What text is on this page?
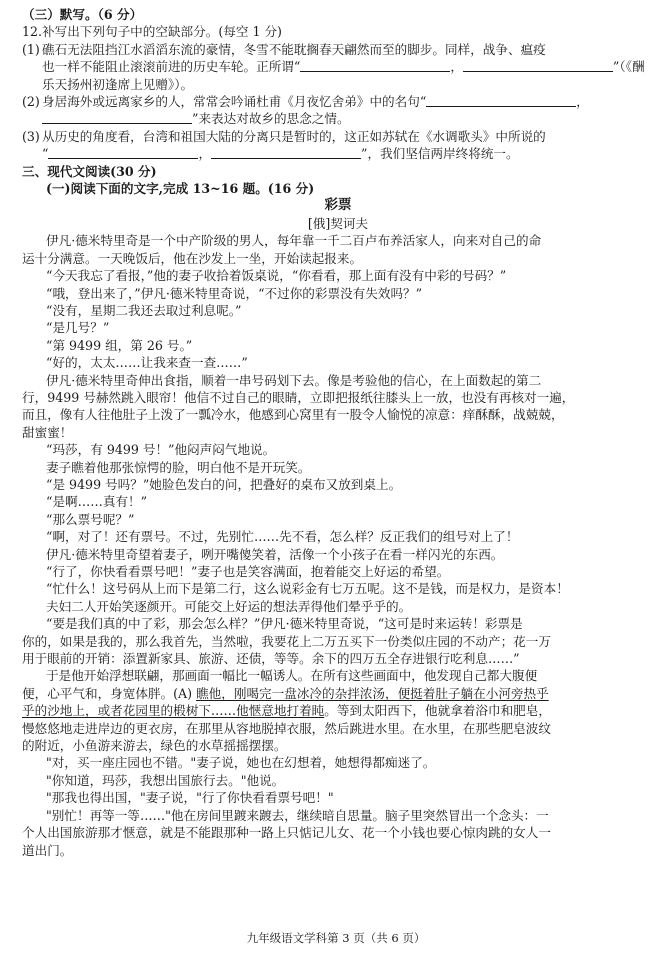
（三）默写。（6 分）
12.补写出下列句子中的空缺部分。(每空 1 分)
(1) 礁石无法阻挡江水滔滔东流的豪情，冬雪不能耽搁春天翩然而至的脚步。同样，战争、瘟疫
也一样不能阻止滚滚前进的历史车轮。正所谓“	，	”（《酬
乐天扬州初逢席上见赠》）。
(2) 身居海外或远离家乡的人，常常会吟诵杜甫《月夜忆舍弟》中的名句“	，
”来表达对故乡的思念之情。
(3) 从历史的角度看，台湾和祖国大陆的分离只是暂时的，这正如苏轼在《水调歌头》中所说的
“	，	”，我们坚信两岸终将统一。
三、现代文阅读(30 分)
(一)阅读下面的文字,完成 13~16 题。(16 分)
彩票
[俄]契诃夫
伊凡·德米特里奇是一个中产阶级的男人，每年靠一千二百卢布养活家人，向来对自己的命
运十分满意。一天晚饭后，他在沙发上一坐，开始读起报来。
“今天我忘了看报，”他的妻子收拾着饭桌说，“你看看，那上面有没有中彩的号码？”
“哦，登出来了，”伊凡·德米特里奇说，“不过你的彩票没有失效吗？”
“没有，星期二我还去取过利息呢。”
“是几号？”
“第 9499 组，第 26 号。”
“好的，太太……让我来查一查……”
伊凡·德米特里奇伸出食指，顺着一串号码划下去。像是考验他的信心，在上面数起的第二
行，9499 号赫然跳入眼帘！他信不过自己的眼睛，立即把报纸往膝头上一放，也没有再核对一遍，
而且，像有人往他肚子上泼了一瓢冷水，他感到心窝里有一股令人愉悦的凉意：痒酥酥，战兢兢，
甜蜜蜜！
“玛莎，有 9499 号！”他闷声闷气地说。
妻子瞧着他那张惊愕的脸，明白他不是开玩笑。
“是 9499 号吗？”她脸色发白的问，把叠好的桌布又放到桌上。
“是啊……真有！”
“那么票号呢？”
“啊，对了！还有票号。不过，先别忙……先不看，怎么样？反正我们的组号对上了！
伊凡·德米特里奇望着妻子，咧开嘴傻笑着，活像一个小孩子在看一样闪光的东西。
“行了，你快看看票号吧！”妻子也是笑容满面，抱着能交上好运的希望。
“忙什么！这号码从上而下是第二行，这么说彩金有七万五呢。这不是钱，而是权力，是资本！
夫妇二人开始笑逐颜开。可能交上好运的想法弄得他们晕乎乎的。
“要是我们真的中了彩，那会怎么样？”伊凡·德米特里奇说，“这可是时来运转！彩票是
你的，如果是我的，那么我首先，当然啦，我要花上二万五买下一份类似庄园的不动产；花一万
用于眼前的开销：添置新家具、旅游、还债，等等。余下的四万五全存进银行吃利息……”
于是他开始浮想联翩，那画面一幅比一幅诱人。在所有这些画面中，他发现自己都大腹便
便，心平气和，身宽体胖。(A) 瞧他，刚喝完一盘冰冷的杂拌浓汤，便挺着肚子躺在小河旁热乎
乎的沙地上，或者花园里的椴树下……他惬意地打着盹。等到太阳西下，他就拿着浴巾和肥皂，
慢悠悠地走进岸边的更衣房，在那里从容地脱掉衣服，然后跳进水里。在水里，在那些肥皂波纹
的附近，小鱼游来游去，绿色的水草摇摇摆摆。
"对，买一座庄园也不错。"妻子说，她也在幻想着，她想得都痴迷了。
"你知道，玛莎，我想出国旅行去。"他说。
"那我也得出国，"妻子说，"行了你快看看票号吧！"
"别忙！再等一等……"他在房间里踱来踱去，继续暗自思量。脑子里突然冒出一个念头：一
个人出国旅游那才惬意，就是不能跟那种一路上只惦记儿女、花一个小钱也要心惊肉跳的女人一
道出门。
九年级语文学科第 3 页（共 6 页）
